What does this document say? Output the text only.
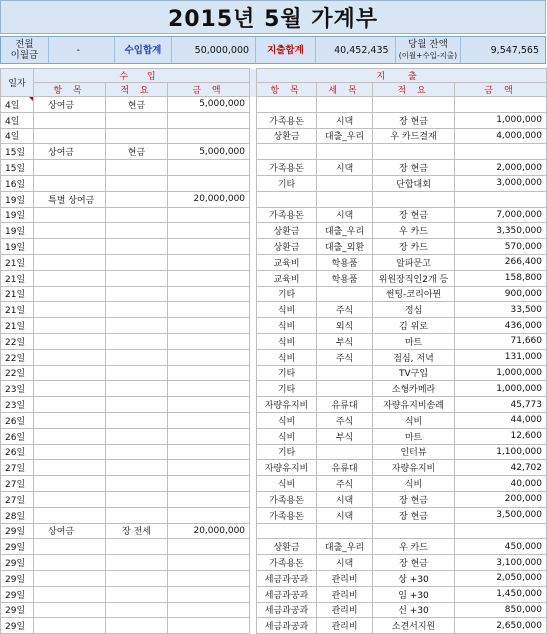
2015년 5월 가계부
전월
이월금	-	수입합계	50,000,000	지출합계	40,452,435	당월 잔액
(이월+수입-지출)	9,547,565
일자	수 입				지 출			
	항 목	적 요	금 액		항 목	세 목	적 요	금 액
4일	상여금	현금	5,000,000					
4일					가족용돈	시댁	장 현금	1,000,000
4일					상환금	대출_우리	우 카드결재	4,000,000
15일	상여금	현금	5,000,000					
15일					가족용돈	시댁	장 현금	2,000,000
16일					기타		단합대회	3,000,000
19일	특별 상여금		20,000,000					
19일					가족용돈	시댁	장 현금	7,000,000
19일					상환금	대출_우리	우 카드	3,350,000
19일					상환금	대출_외환	장 카드	570,000
21일					교육비	학용품	알파문고	266,400
21일					교육비	학용품	위원장직인2개 등	158,800
21일					기타		썬팅-코리아뮌	900,000
21일					식비	주식	정심	33,500
21일					식비	외식	김 위로	436,000
22일					식비	부식	마트	71,660
22일					식비	주식	점심, 저녁	131,000
22일					기타		TV구입	1,000,000
23일					기타		소형카메라	1,000,000
23일					자량유지비	유류대	자량유지비송례	45,773
26일					식비	주식	식비	44,000
26일					식비	부식	마트	12,600
26일					기타		인터뷰	1,100,000
27일					자량유지비	유류대	자량유지비	42,702
27일					식비	주식	식비	40,000
27일					가족용돈	시댁	장 현금	200,000
28일					가족용돈	시댁	장 현금	3,500,000
29일	상여금	장 전세	20,000,000					
29일					상환금	대출_우리	우 카드	450,000
29일					가족용돈	시댁	장 현금	3,100,000
29일					세금과공과	관리비	상 +30	2,050,000
29일					세금과공과	관리비	임 +30	1,450,000
29일					세금과공과	관리비	신 +30	850,000
29일					세금과공과	관리비	소견서지원	2,650,000
